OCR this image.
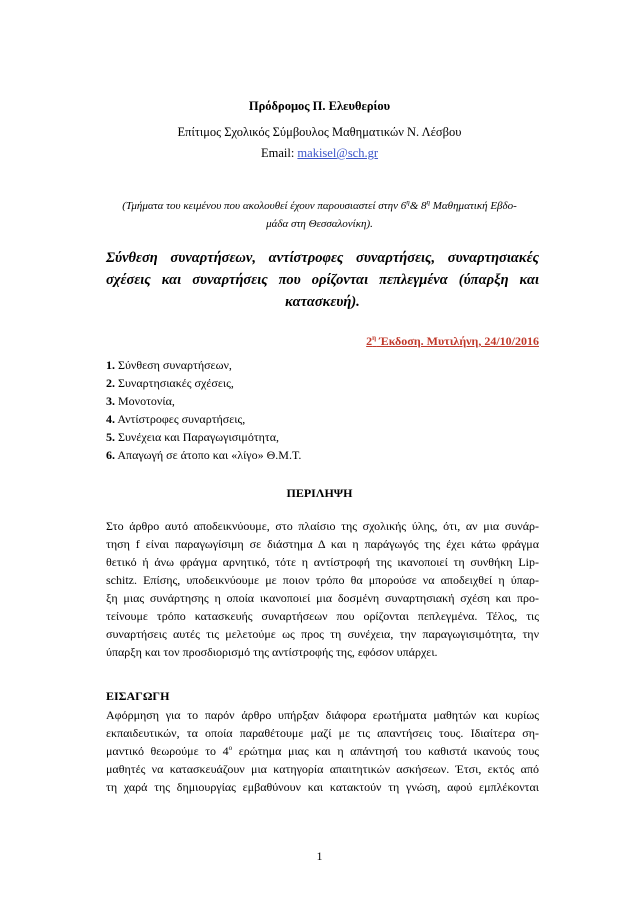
Πρόδρομος Π. Ελευθερίου
Επίτιμος Σχολικός Σύμβουλος Μαθηματικών Ν. Λέσβου
Email: makisel@sch.gr
(Τμήματα του κειμένου που ακολουθεί έχουν παρουσιαστεί στην $6^\eta\&$ $8^\eta$ Μαθηματική Εβδο-
μάδα στη Θεσσαλονίκη).
Σύνθεση συναρτήσεων, αντίστροφες συναρτήσεις, συναρτησιακές
σχέσεις και συναρτήσεις που ορίζονται πεπλεγμένα (ύπαρξη και
κατασκευή).
$2^\eta$ Έκδοση. Μυτιλήνη, 24/10/2016
1. Σύνθεση συναρτήσεων,
2. Συναρτησιακές σχέσεις,
3. Μονοτονία,
4. Αντίστροφες συναρτήσεις,
5. Συνέχεια και Παραγωγισιμότητα,
6. Απαγωγή σε άτοπο και «λίγο» Θ.Μ.Τ.
ΠΕΡΙΛΗΨΗ
Στο άρθρο αυτό αποδεικνύουμε, στο πλαίσιο της σχολικής ύλης, ότι, αν μια συνάρ-
τηση f είναι παραγωγίσιμη σε διάστημα Δ και η παράγωγός της έχει κάτω φράγμα
θετικό ή άνω φράγμα αρνητικό, τότε η αντίστροφή της ικανοποιεί τη συνθήκη Lip-
schitz. Επίσης, υποδεικνύουμε με ποιον τρόπο θα μπορούσε να αποδειχθεί η ύπαρ-
ξη μιας συνάρτησης η οποία ικανοποιεί μια δοσμένη συναρτησιακή σχέση και προ-
τείνουμε τρόπο κατασκευής συναρτήσεων που ορίζονται πεπλεγμένα. Τέλος, τις
συναρτήσεις αυτές τις μελετούμε ως προς τη συνέχεια, την παραγωγισιμότητα, την
ύπαρξη και τον προσδιορισμό της αντίστροφής της, εφόσον υπάρχει.
ΕΙΣΑΓΩΓΗ
Αφόρμηση για το παρόν άρθρο υπήρξαν διάφορα ερωτήματα μαθητών και κυρίως
εκπαιδευτικών, τα οποία παραθέτουμε μαζί με τις απαντήσεις τους. Ιδιαίτερα ση-
μαντικό θεωρούμε το $4^o$ ερώτημα μιας και η απάντησή του καθιστά ικανούς τους
μαθητές να κατασκευάζουν μια κατηγορία απαιτητικών ασκήσεων. Έτσι, εκτός από
τη χαρά της δημιουργίας εμβαθύνουν και κατακτούν τη γνώση, αφού εμπλέκονται
1
